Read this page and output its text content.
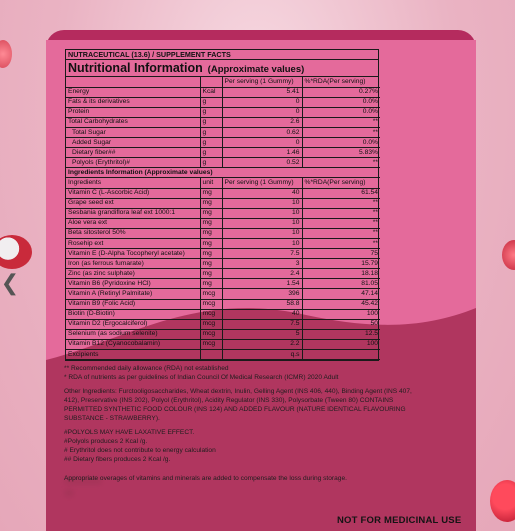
❮
NUTRACEUTICAL (13.6) / SUPPLEMENT FACTS
Nutritional Information (Approximate values)
		Per serving (1 Gummy)	%*RDA(Per serving)
Energy	Kcal	5.41	0.27%
Fats & its derivatives	g	0	0.0%
Protein	g	0	0.0%
Total Carbohydrates	g	2.6	**
Total Sugar	g	0.62	**
Added Sugar	g	0	0.0%
Dietary fiber##	g	1.46	5.83%
Polyols (Erythritol)#	g	0.52	**
Ingredients Information (Approximate values)			
Ingredients	unit	Per serving (1 Gummy)	%*RDA(Per serving)
Vitamin C (L-Ascorbic Acid)	mg	40	61.54
Grape seed ext	mg	10	**
Sesbania grandiflora leaf ext 1000:1	mg	10	**
Aloe vera ext	mg	10	**
Beta sitosterol 50%	mg	10	**
Rosehip ext	mg	10	**
Vitamin E (D-Alpha Tocopheryl acetate)	mg	7.5	75
Iron (as ferrous fumarate)	mg	3	15.79
Zinc (as zinc sulphate)	mg	2.4	18.18
Vitamin B6 (Pyridoxine HCl)	mg	1.54	81.05
Vitamin A (Retinyl Palmitate)	mcg	396	47.14
Vitamin B9 (Folic Acid)	mcg	58.8	45.42
Biotin (D-Biotin)	mcg	40	100
Vitamin D2 (Ergocalciferol)	mcg	7.5	50
Selenium (as sodium selenite)	mcg	5	12.5
Vitamin B12 (Cyanocobalamin)	mcg	2.2	100
Excipients		q.s	

** Recommended daily allowance (RDA) not established

* RDA of nutrients as per guidelines of Indian Council Of Medical Research (ICMR) 2020 Adult

Other Ingredients: Furctooligosaccharides, Wheat dextrin, Inulin, Gelling Agent (INS 406, 440), Binding Agent (INS 407, 412), Preservative (INS 202), Polyol (Erythritol), Acidity Regulator (INS 330), Polysorbate (Tween 80) CONTAINS PERMITTED SYNTHETIC FOOD COLOUR (INS 124) AND ADDED FLAVOUR (NATURE IDENTICAL FLAVOURING SUBSTANCE - STRAWBERRY).

#POLYOLS MAY HAVE LAXATIVE EFFECT.

#Polyols produces 2 Kcal /g.

# Erythritol does not contribute to energy calculation

## Dietary fibers produces 2 Kcal /g.

Appropriate overages of vitamins and minerals are added to compensate the loss during storage.

NOT FOR MEDICINAL USE
